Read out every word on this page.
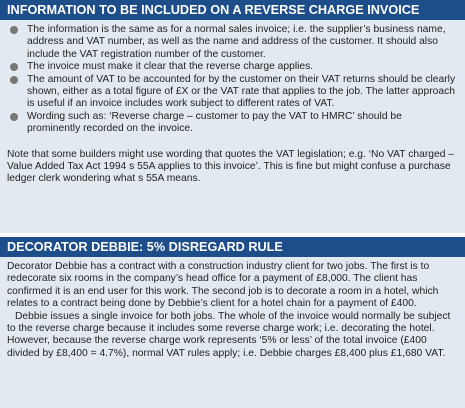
INFORMATION TO BE INCLUDED ON A REVERSE CHARGE INVOICE
The information is the same as for a normal sales invoice; i.e. the supplier’s business name, address and VAT number, as well as the name and address of the customer. It should also include the VAT registration number of the customer.
The invoice must make it clear that the reverse charge applies.
The amount of VAT to be accounted for by the customer on their VAT returns should be clearly shown, either as a total figure of £X or the VAT rate that applies to the job. The latter approach is useful if an invoice includes work subject to different rates of VAT.
Wording such as: ‘Reverse charge – customer to pay the VAT to HMRC’ should be prominently recorded on the invoice.

Note that some builders might use wording that quotes the VAT legislation; e.g. ‘No VAT charged – Value Added Tax Act 1994 s 55A applies to this invoice’. This is fine but might confuse a purchase ledger clerk wondering what s 55A means.

DECORATOR DEBBIE: 5% DISREGARD RULE

Decorator Debbie has a contract with a construction industry client for two jobs. The first is to redecorate six rooms in the company’s head office for a payment of £8,000. The client has confirmed it is an end user for this work. The second job is to decorate a room in a hotel, which relates to a contract being done by Debbie’s client for a hotel chain for a payment of £400.

Debbie issues a single invoice for both jobs. The whole of the invoice would normally be subject to the reverse charge because it includes some reverse charge work; i.e. decorating the hotel. However, because the reverse charge work represents ‘5% or less’ of the total invoice (£400 divided by £8,400 = 4.7%), normal VAT rules apply; i.e. Debbie charges £8,400 plus £1,680 VAT.
